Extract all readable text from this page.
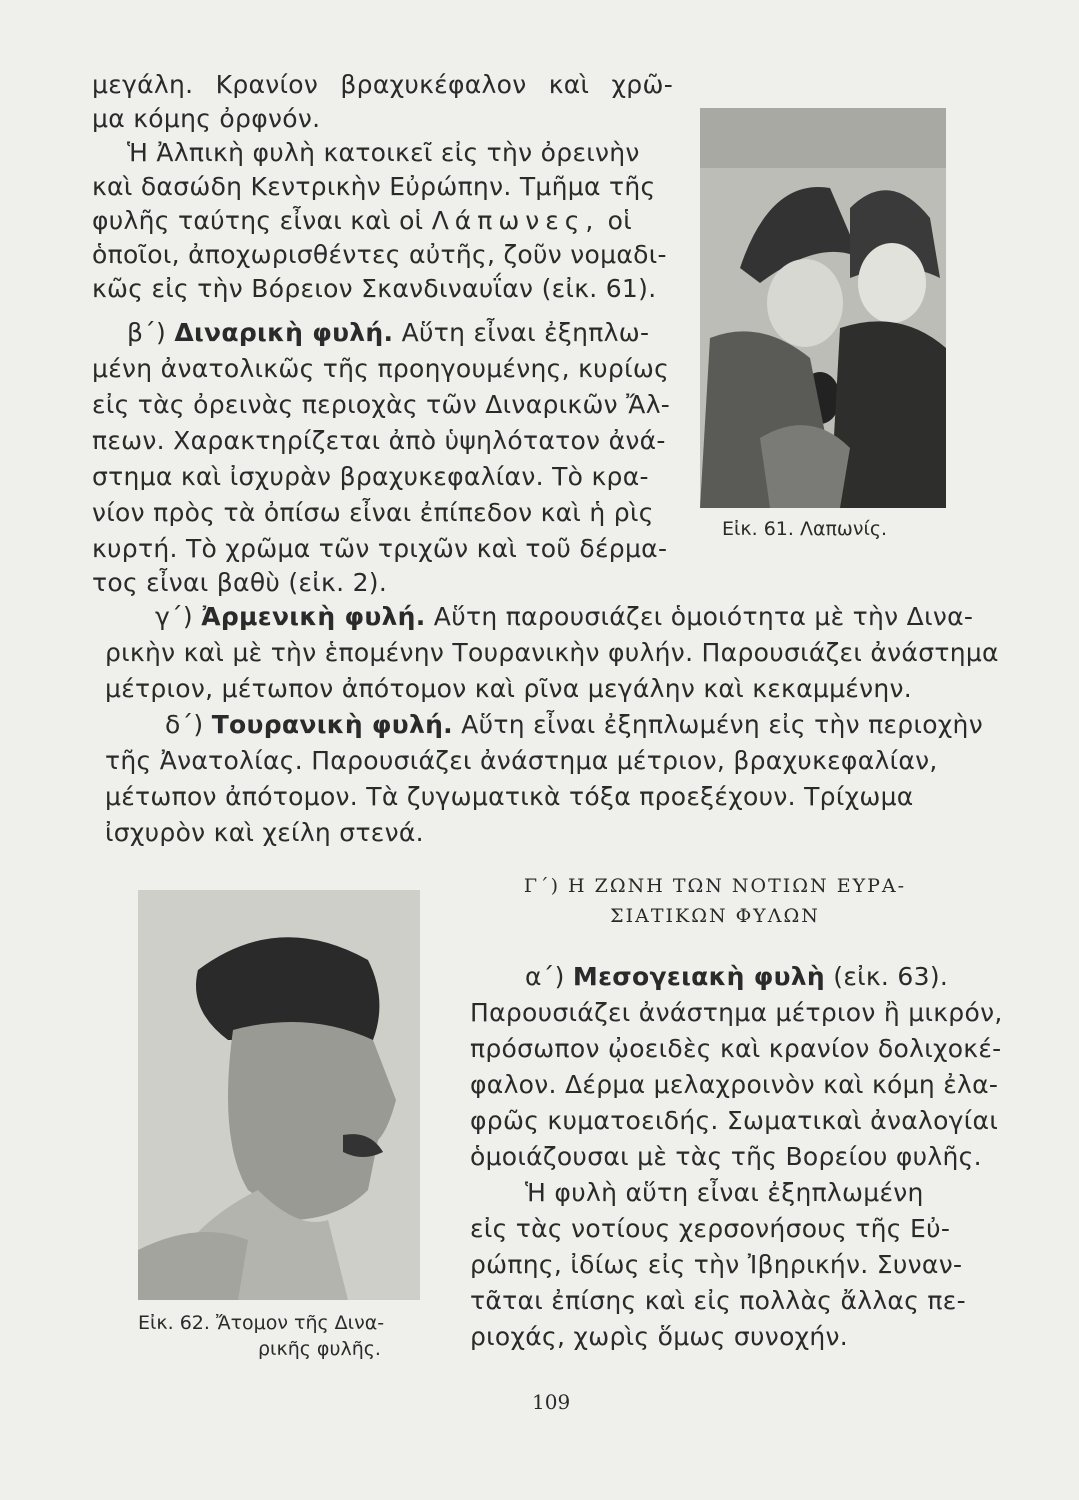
μεγάλη. Κρανίον βραχυκέφαλον καὶ χρῶ-
μα κόμης ὀρφνόν.
Ἡ Ἀλπικὴ φυλὴ κατοικεῖ εἰς τὴν ὀρεινὴν
καὶ δασώδη Κεντρικὴν Εὐρώπην. Τμῆμα τῆς
φυλῆς ταύτης εἶναι καὶ οἱ Λάπωνες, οἱ
ὁποῖοι, ἀποχωρισθέντες αὐτῆς, ζοῦν νομαδι-
κῶς εἰς τὴν Βόρειον Σκανδιναυΐαν (εἰκ. 61).
β΄) Διναρικὴ φυλή. Αὕτη εἶναι ἐξηπλω-
μένη ἀνατολικῶς τῆς προηγουμένης, κυρίως
εἰς τὰς ὀρεινὰς περιοχὰς τῶν Διναρικῶν Ἄλ-
πεων. Χαρακτηρίζεται ἀπὸ ὑψηλότατον ἀνά-
στημα καὶ ἰσχυρὰν βραχυκεφαλίαν. Τὸ κρα-
νίον πρὸς τὰ ὀπίσω εἶναι ἐπίπεδον καὶ ἡ ρὶς
κυρτή. Τὸ χρῶμα τῶν τριχῶν καὶ τοῦ δέρμα-
τος εἶναι βαθὺ (εἰκ. 2).
Εἰκ. 61. Λαπωνίς.
γ΄) Ἀρμενικὴ φυλή. Αὕτη παρουσιάζει ὁμοιότητα μὲ τὴν Δινα-
ρικὴν καὶ μὲ τὴν ἑπομένην Τουρανικὴν φυλήν. Παρουσιάζει ἀνάστημα
μέτριον, μέτωπον ἀπότομον καὶ ρῖνα μεγάλην καὶ κεκαμμένην.
δ΄) Τουρανικὴ φυλή. Αὕτη εἶναι ἐξηπλωμένη εἰς τὴν περιοχὴν
τῆς Ἀνατολίας. Παρουσιάζει ἀνάστημα μέτριον, βραχυκεφαλίαν,
μέτωπον ἀπότομον. Τὰ ζυγωματικὰ τόξα προεξέχουν. Τρίχωμα
ἰσχυρὸν καὶ χείλη στενά.
Εἰκ. 62. Ἄτομον τῆς Δινα-
ρικῆς φυλῆς.
Γ΄) Η ΖΩΝΗ ΤΩΝ ΝΟΤΙΩΝ ΕΥΡΑ-
ΣΙΑΤΙΚΩΝ ΦΥΛΩΝ
α΄) Μεσογειακὴ φυλὴ (εἰκ. 63).
Παρουσιάζει ἀνάστημα μέτριον ἢ μικρόν,
πρόσωπον ᾠοειδὲς καὶ κρανίον δολιχοκέ-
φαλον. Δέρμα μελαχροινὸν καὶ κόμη ἐλα-
φρῶς κυματοειδής. Σωματικαὶ ἀναλογίαι
ὁμοιάζουσαι μὲ τὰς τῆς Βορείου φυλῆς.
Ἡ φυλὴ αὕτη εἶναι ἐξηπλωμένη
εἰς τὰς νοτίους χερσονήσους τῆς Εὐ-
ρώπης, ἰδίως εἰς τὴν Ἰβηρικήν. Συναν-
τᾶται ἐπίσης καὶ εἰς πολλὰς ἄλλας πε-
ριοχάς, χωρὶς ὅμως συνοχήν.
109
